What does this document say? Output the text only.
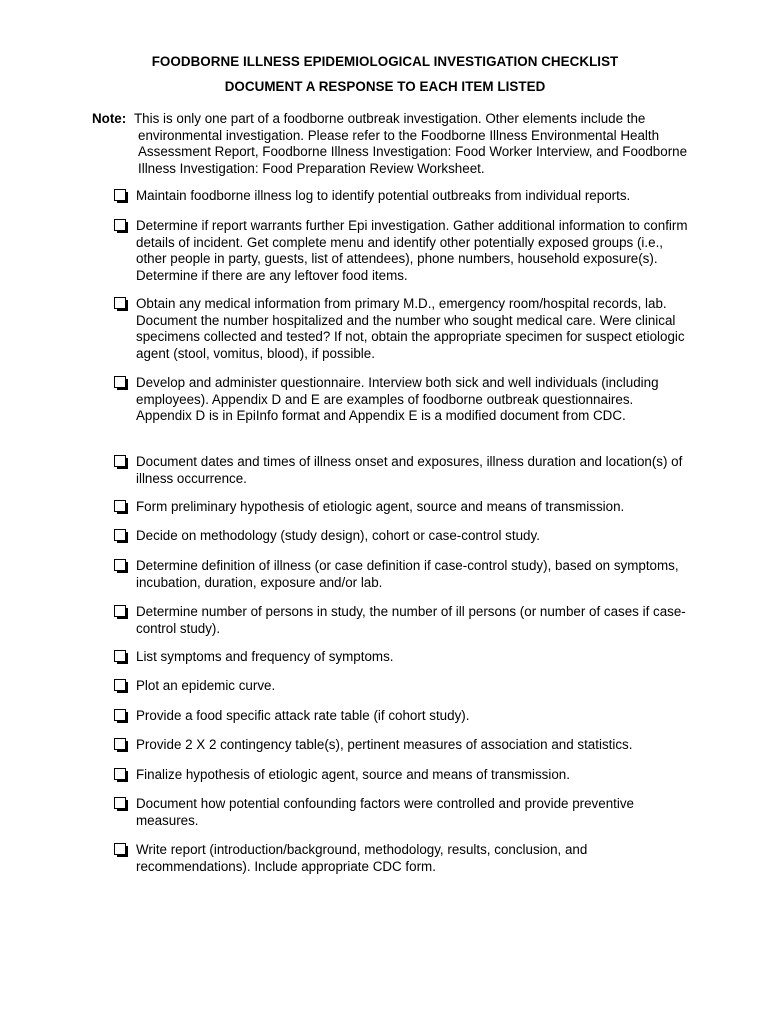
FOODBORNE ILLNESS EPIDEMIOLOGICAL INVESTIGATION CHECKLIST
DOCUMENT A RESPONSE TO EACH ITEM LISTED
Note: This is only one part of a foodborne outbreak investigation. Other elements include the
environmental investigation. Please refer to the Foodborne Illness Environmental Health Assessment Report, Foodborne Illness Investigation: Food Worker Interview, and Foodborne Illness Investigation: Food Preparation Review Worksheet.
Maintain foodborne illness log to identify potential outbreaks from individual reports.
Determine if report warrants further Epi investigation. Gather additional information to confirm details of incident. Get complete menu and identify other potentially exposed groups (i.e., other people in party, guests, list of attendees), phone numbers, household exposure(s). Determine if there are any leftover food items.
Obtain any medical information from primary M.D., emergency room/hospital records, lab. Document the number hospitalized and the number who sought medical care. Were clinical specimens collected and tested? If not, obtain the appropriate specimen for suspect etiologic agent (stool, vomitus, blood), if possible.
Develop and administer questionnaire. Interview both sick and well individuals (including employees). Appendix D and E are examples of foodborne outbreak questionnaires. Appendix D is in EpiInfo format and Appendix E is a modified document from CDC.
Document dates and times of illness onset and exposures, illness duration and location(s) of illness occurrence.
Form preliminary hypothesis of etiologic agent, source and means of transmission.
Decide on methodology (study design), cohort or case-control study.
Determine definition of illness (or case definition if case-control study), based on symptoms, incubation, duration, exposure and/or lab.
Determine number of persons in study, the number of ill persons (or number of cases if case-control study).
List symptoms and frequency of symptoms.
Plot an epidemic curve.
Provide a food specific attack rate table (if cohort study).
Provide 2 X 2 contingency table(s), pertinent measures of association and statistics.
Finalize hypothesis of etiologic agent, source and means of transmission.
Document how potential confounding factors were controlled and provide preventive measures.
Write report (introduction/background, methodology, results, conclusion, and recommendations). Include appropriate CDC form.
